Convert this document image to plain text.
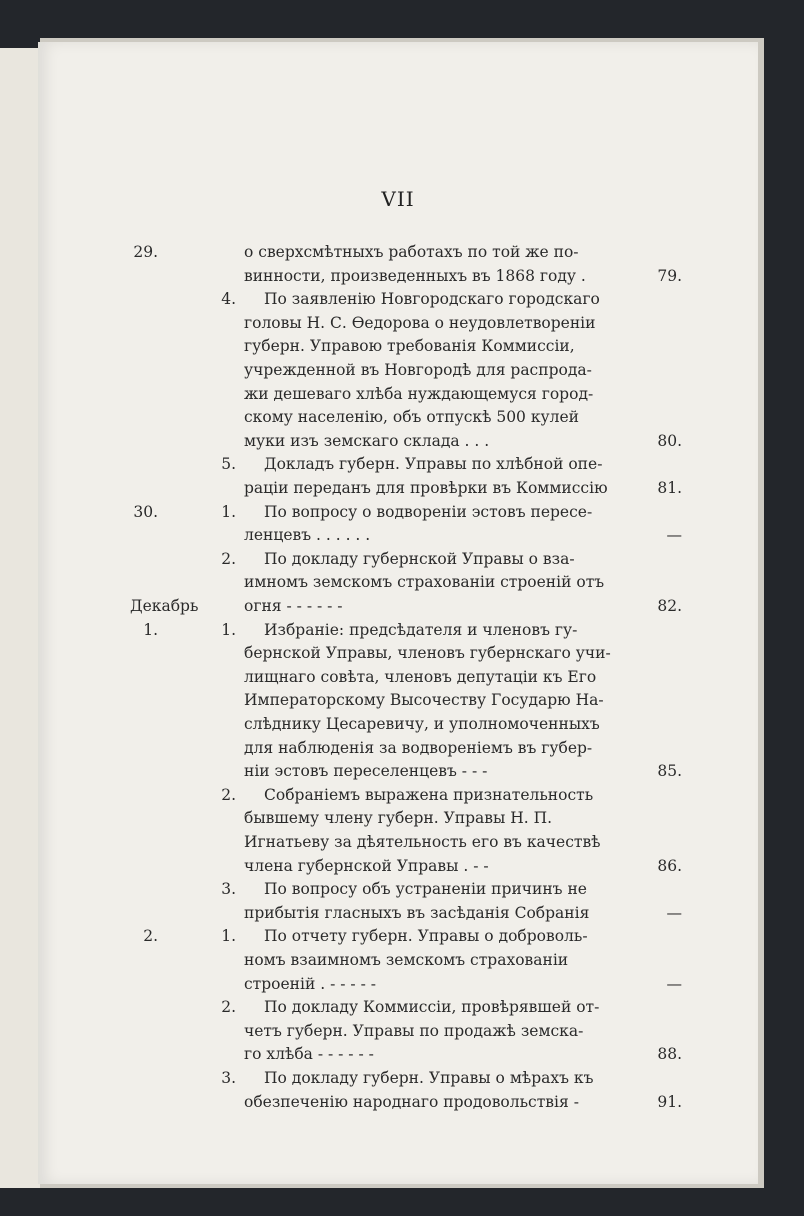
VII
29.	о сверхсмѣтныхъ работахъ по той же по-
винности, произведенныхъ въ 1868 году .	79.
4. По заявленію Новгородскаго городскаго
головы Н. С. Ѳедорова о неудовлетвореніи
губерн. Управою требованія Коммиссіи,
учрежденной въ Новгородѣ для распрода-
жи дешеваго хлѣба нуждающемуся город-
скому населенію, объ отпускѣ 500 кулей
муки изъ земскаго склада . . .	80.
5. Докладъ губерн. Управы по хлѣбной опе-
раціи переданъ для провѣрки въ Коммиссію	81.
30.	1. По вопросу о водвореніи эстовъ пересе-
ленцевъ . . . . . .	—
2. По докладу губернской Управы о вза-
имномъ земскомъ страхованіи строеній отъ
Декабрь	огня - - - - - -	82.
1.	1. Избраніе: предсѣдателя и членовъ гу-
бернской Управы, членовъ губернскаго учи-
лищнаго совѣта, членовъ депутаціи къ Его
Императорскому Высочеству Государю На-
слѣднику Цесаревичу, и уполномоченныхъ
для наблюденія за водвореніемъ въ губер-
ніи эстовъ переселенцевъ - - -	85.
2. Собраніемъ выражена признательность
бывшему члену губерн. Управы Н. П.
Игнатьеву за дѣятельность его въ качествѣ
члена губернской Управы . - -	86.
3. По вопросу объ устраненіи причинъ не
прибытія гласныхъ въ засѣданія Собранія	—
2.	1. По отчету губерн. Управы о доброволь-
номъ взаимномъ земскомъ страхованіи
строеній . - - - - -	—
2. По докладу Коммиссіи, провѣрявшей от-
четъ губерн. Управы по продажѣ земска-
го хлѣба - - - - - -	88.
3. По докладу губерн. Управы о мѣрахъ къ
обезпеченію народнаго продовольствія -	91.
